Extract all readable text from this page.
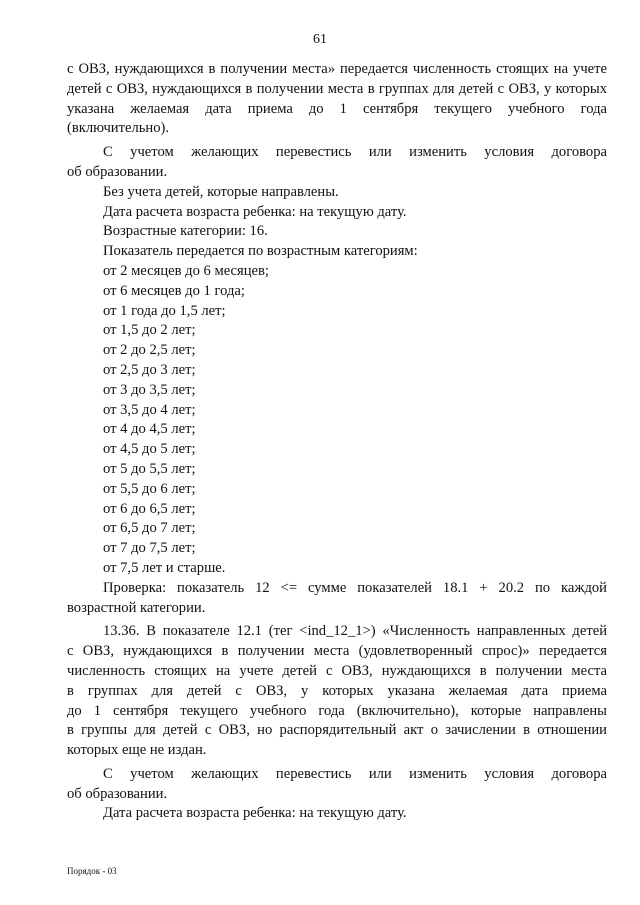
61

с ОВЗ, нуждающихся в получении места» передается численность стоящих на учете

детей с ОВЗ, нуждающихся в получении места в группах для детей с ОВЗ, у которых

указана желаемая дата приема до 1 сентября текущего учебного года

(включительно).

С учетом желающих перевестись или изменить условия договора

об образовании.

Без учета детей, которые направлены.

Дата расчета возраста ребенка: на текущую дату.

Возрастные категории: 16.

Показатель передается по возрастным категориям:

от 2 месяцев до 6 месяцев;

от 6 месяцев до 1 года;

от 1 года до 1,5 лет;

от 1,5 до 2 лет;

от 2 до 2,5 лет;

от 2,5 до 3 лет;

от 3 до 3,5 лет;

от 3,5 до 4 лет;

от 4 до 4,5 лет;

от 4,5 до 5 лет;

от 5 до 5,5 лет;

от 5,5 до 6 лет;

от 6 до 6,5 лет;

от 6,5 до 7 лет;

от 7 до 7,5 лет;

от 7,5 лет и старше.

Проверка: показатель 12 <= сумме показателей 18.1 + 20.2 по каждой

возрастной категории.

13.36. В показателе 12.1 (тег <ind_12_1>) «Численность направленных детей

с ОВЗ, нуждающихся в получении места (удовлетворенный спрос)» передается

численность стоящих на учете детей с ОВЗ, нуждающихся в получении места

в группах для детей с ОВЗ, у которых указана желаемая дата приема

до 1 сентября текущего учебного года (включительно), которые направлены

в группы для детей с ОВЗ, но распорядительный акт о зачислении в отношении

которых еще не издан.

С учетом желающих перевестись или изменить условия договора

об образовании.

Дата расчета возраста ребенка: на текущую дату.

Порядок - 03
